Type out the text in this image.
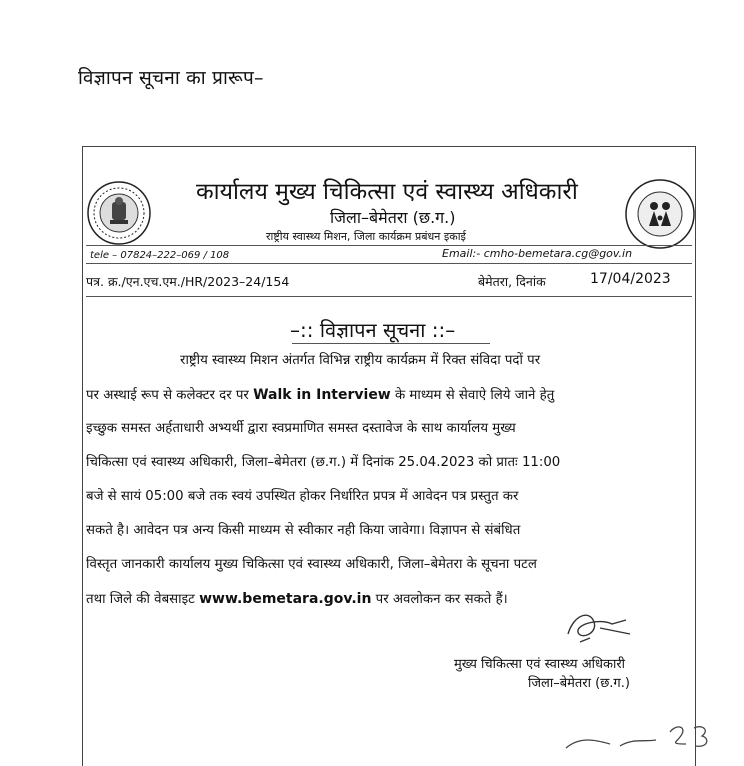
विज्ञापन सूचना का प्रारूप–
कार्यालय मुख्य चिकित्सा एवं स्वास्थ्य अधिकारी
जिला–बेमेतरा (छ.ग.)
राष्ट्रीय स्वास्थ्य मिशन, जिला कार्यक्रम प्रबंधन इकाई
tele – 07824–222–069 / 108	Email:- cmho-bemetara.cg@gov.in
पत्र. क्र./एन.एच.एम./HR/2023–24/154	बेमेतरा, दिनांक	17/04/2023
–:: विज्ञापन सूचना ::–
राष्ट्रीय स्वास्थ्य मिशन अंतर्गत विभिन्न राष्ट्रीय कार्यक्रम में रिक्त संविदा पदों पर
पर अस्थाई रूप से कलेक्टर दर पर Walk in Interview के माध्यम से सेवाऐ लिये जाने हेतु
इच्छुक समस्त अर्हताधारी अभ्यर्थी द्वारा स्वप्रमाणित समस्त दस्तावेज के साथ कार्यालय मुख्य
चिकित्सा एवं स्वास्थ्य अधिकारी, जिला–बेमेतरा (छ.ग.) में दिनांक 25.04.2023 को प्रातः 11:00
बजे से सायं 05:00 बजे तक स्वयं उपस्थित होकर निर्धारित प्रपत्र में आवेदन पत्र प्रस्तुत कर
सकते है। आवेदन पत्र अन्य किसी माध्यम से स्वीकार नही किया जावेगा। विज्ञापन से संबंधित
विस्तृत जानकारी कार्यालय मुख्य चिकित्सा एवं स्वास्थ्य अधिकारी, जिला–बेमेतरा के सूचना पटल
तथा जिले की वेबसाइट www.bemetara.gov.in पर अवलोकन कर सकते हैं।
मुख्य चिकित्सा एवं स्वास्थ्य अधिकारी
जिला–बेमेतरा (छ.ग.)
